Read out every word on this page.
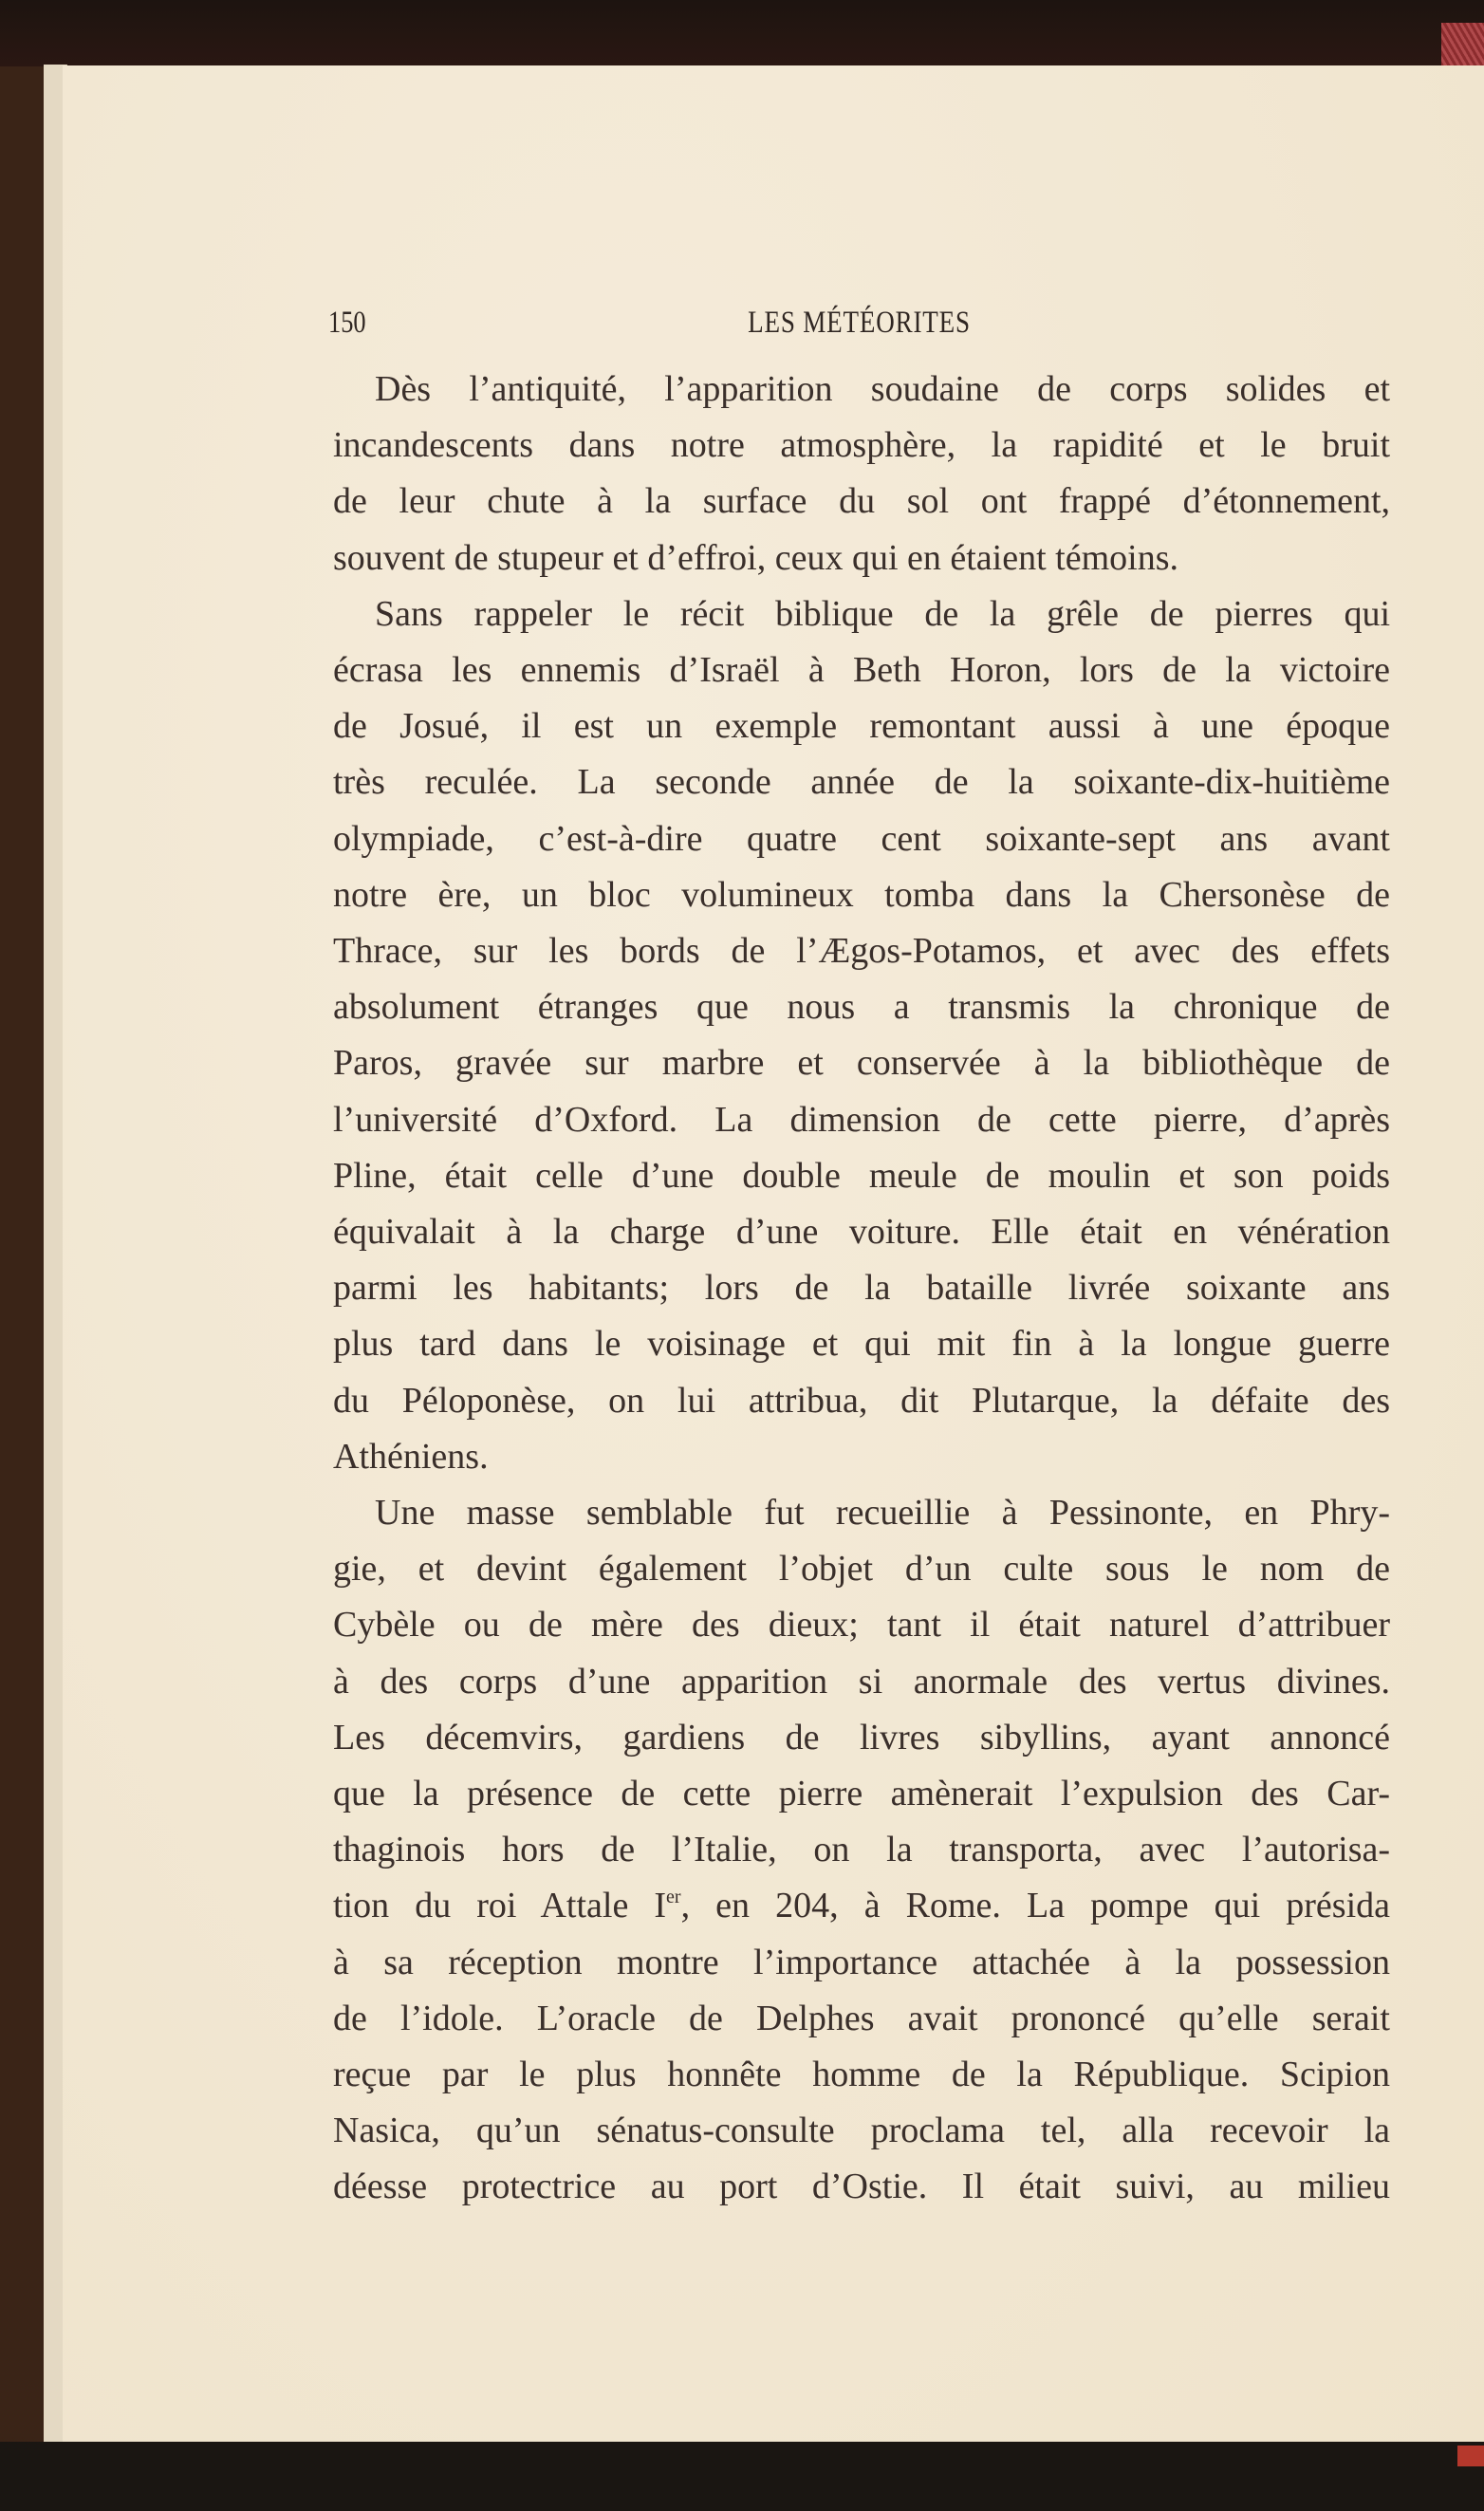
150	LES MÉTÉORITES
Dès l’antiquité, l’apparition soudaine de corps solides et
incandescents dans notre atmosphère, la rapidité et le bruit
de leur chute à la surface du sol ont frappé d’étonnement,
souvent de stupeur et d’effroi, ceux qui en étaient témoins.
Sans rappeler le récit biblique de la grêle de pierres qui
écrasa les ennemis d’Israël à Beth Horon, lors de la victoire
de Josué, il est un exemple remontant aussi à une époque
très reculée. La seconde année de la soixante-dix-huitième
olympiade, c’est-à-dire quatre cent soixante-sept ans avant
notre ère, un bloc volumineux tomba dans la Chersonèse de
Thrace, sur les bords de l’Ægos-Potamos, et avec des effets
absolument étranges que nous a transmis la chronique de
Paros, gravée sur marbre et conservée à la bibliothèque de
l’université d’Oxford. La dimension de cette pierre, d’après
Pline, était celle d’une double meule de moulin et son poids
équivalait à la charge d’une voiture. Elle était en vénération
parmi les habitants; lors de la bataille livrée soixante ans
plus tard dans le voisinage et qui mit fin à la longue guerre
du Péloponèse, on lui attribua, dit Plutarque, la défaite des
Athéniens.
Une masse semblable fut recueillie à Pessinonte, en Phry-
gie, et devint également l’objet d’un culte sous le nom de
Cybèle ou de mère des dieux; tant il était naturel d’attribuer
à des corps d’une apparition si anormale des vertus divines.
Les décemvirs, gardiens de livres sibyllins, ayant annoncé
que la présence de cette pierre amènerait l’expulsion des Car-
thaginois hors de l’Italie, on la transporta, avec l’autorisa-
tion du roi Attale Ier, en 204, à Rome. La pompe qui présida
à sa réception montre l’importance attachée à la possession
de l’idole. L’oracle de Delphes avait prononcé qu’elle serait
reçue par le plus honnête homme de la République. Scipion
Nasica, qu’un sénatus-consulte proclama tel, alla recevoir la
déesse protectrice au port d’Ostie. Il était suivi, au milieu
